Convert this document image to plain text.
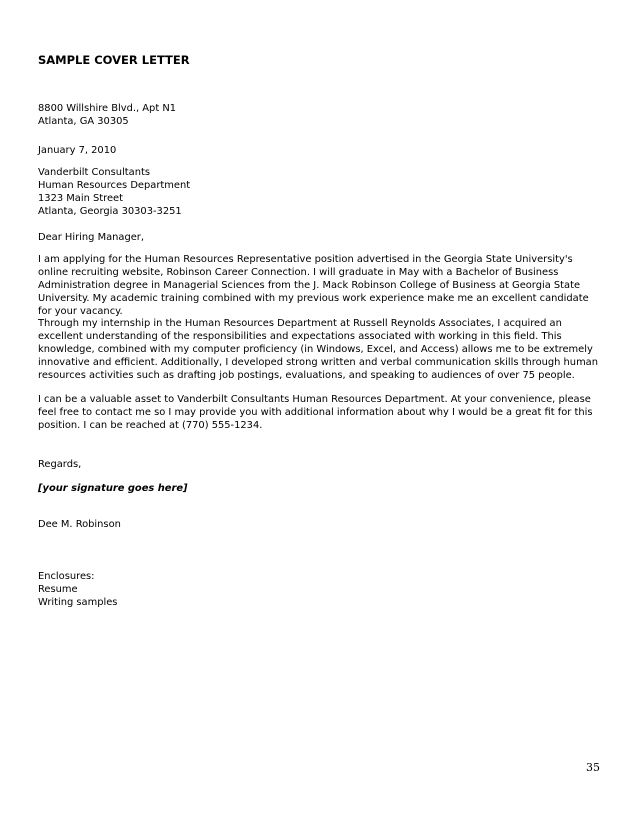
SAMPLE COVER LETTER
8800 Willshire Blvd., Apt N1
Atlanta, GA 30305
January 7, 2010
Vanderbilt Consultants
Human Resources Department
1323 Main Street
Atlanta, Georgia 30303-3251
Dear Hiring Manager,
I am applying for the Human Resources Representative position advertised in the Georgia State University's online recruiting website, Robinson Career Connection. I will graduate in May with a Bachelor of Business Administration degree in Managerial Sciences from the J. Mack Robinson College of Business at Georgia State University. My academic training combined with my previous work experience make me an excellent candidate for your vacancy.
Through my internship in the Human Resources Department at Russell Reynolds Associates, I acquired an excellent understanding of the responsibilities and expectations associated with working in this field. This knowledge, combined with my computer proficiency (in Windows, Excel, and Access) allows me to be extremely innovative and efficient. Additionally, I developed strong written and verbal communication skills through human resources activities such as drafting job postings, evaluations, and speaking to audiences of over 75 people.
I can be a valuable asset to Vanderbilt Consultants Human Resources Department. At your convenience, please feel free to contact me so I may provide you with additional information about why I would be a great fit for this position. I can be reached at (770) 555-1234.
Regards,
[your signature goes here]
Dee M. Robinson
Enclosures:
Resume
Writing samples
35
